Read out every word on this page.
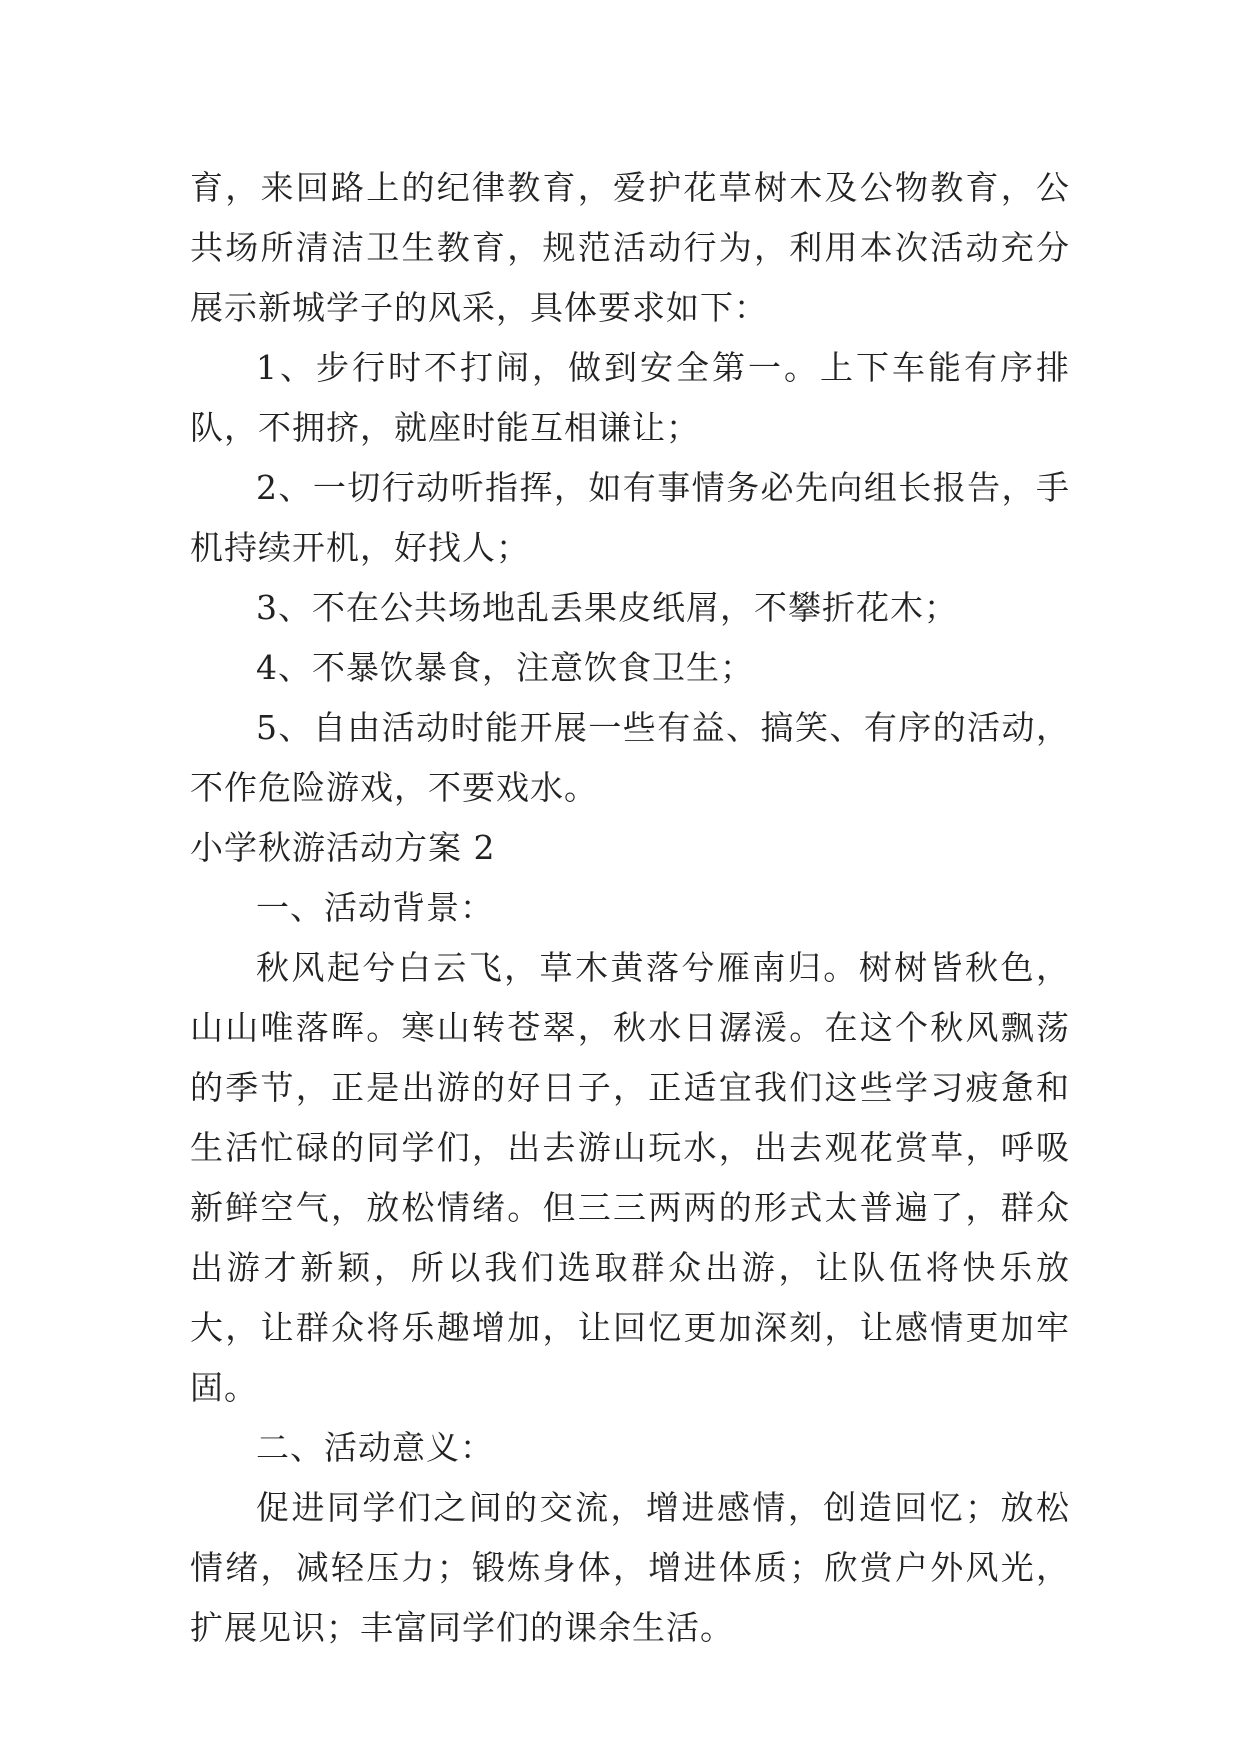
育，来回路上的纪律教育，爱护花草树木及公物教育，公共场所清洁卫生教育，规范活动行为，利用本次活动充分展示新城学子的风采，具体要求如下：

1、步行时不打闹，做到安全第一。上下车能有序排队，不拥挤，就座时能互相谦让；

2、一切行动听指挥，如有事情务必先向组长报告，手机持续开机，好找人；

3、不在公共场地乱丢果皮纸屑，不攀折花木；

4、不暴饮暴食，注意饮食卫生；

5、自由活动时能开展一些有益、搞笑、有序的活动，不作危险游戏，不要戏水。

小学秋游活动方案 2

一、活动背景：

秋风起兮白云飞，草木黄落兮雁南归。树树皆秋色，山山唯落晖。寒山转苍翠，秋水日潺湲。在这个秋风飘荡的季节，正是出游的好日子，正适宜我们这些学习疲惫和生活忙碌的同学们，出去游山玩水，出去观花赏草，呼吸新鲜空气，放松情绪。但三三两两的形式太普遍了，群众出游才新颖，所以我们选取群众出游，让队伍将快乐放大，让群众将乐趣增加，让回忆更加深刻，让感情更加牢固。

二、活动意义：

促进同学们之间的交流，增进感情，创造回忆；放松情绪，减轻压力；锻炼身体，增进体质；欣赏户外风光，扩展见识；丰富同学们的课余生活。
